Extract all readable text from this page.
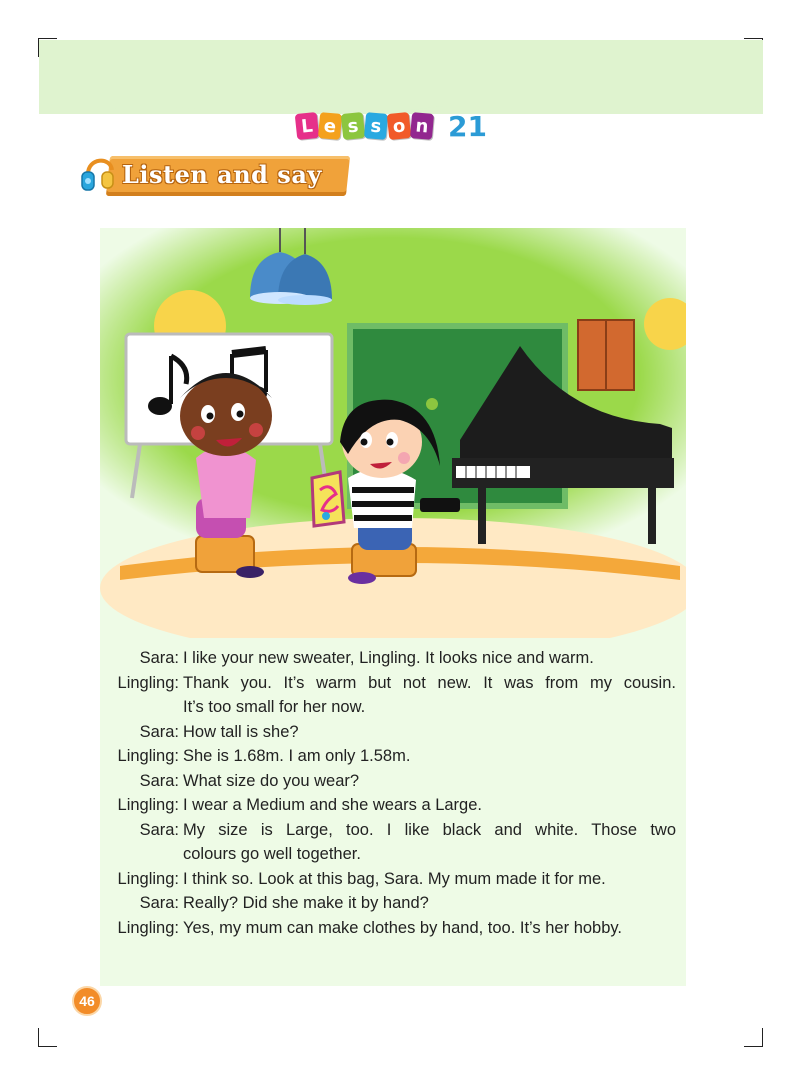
L e s s o n 21
Listen and say
Sara: I like your new sweater, Lingling. It looks nice and warm.
Lingling: Thank you. It’s warm but not new. It was from my cousin.
It’s too small for her now.
Sara: How tall is she?
Lingling: She is 1.68m. I am only 1.58m.
Sara: What size do you wear?
Lingling: I wear a Medium and she wears a Large.
Sara: My size is Large, too. I like black and white. Those two
colours go well together.
Lingling: I think so. Look at this bag, Sara. My mum made it for me.
Sara: Really? Did she make it by hand?
Lingling: Yes, my mum can make clothes by hand, too. It’s her hobby.
46
